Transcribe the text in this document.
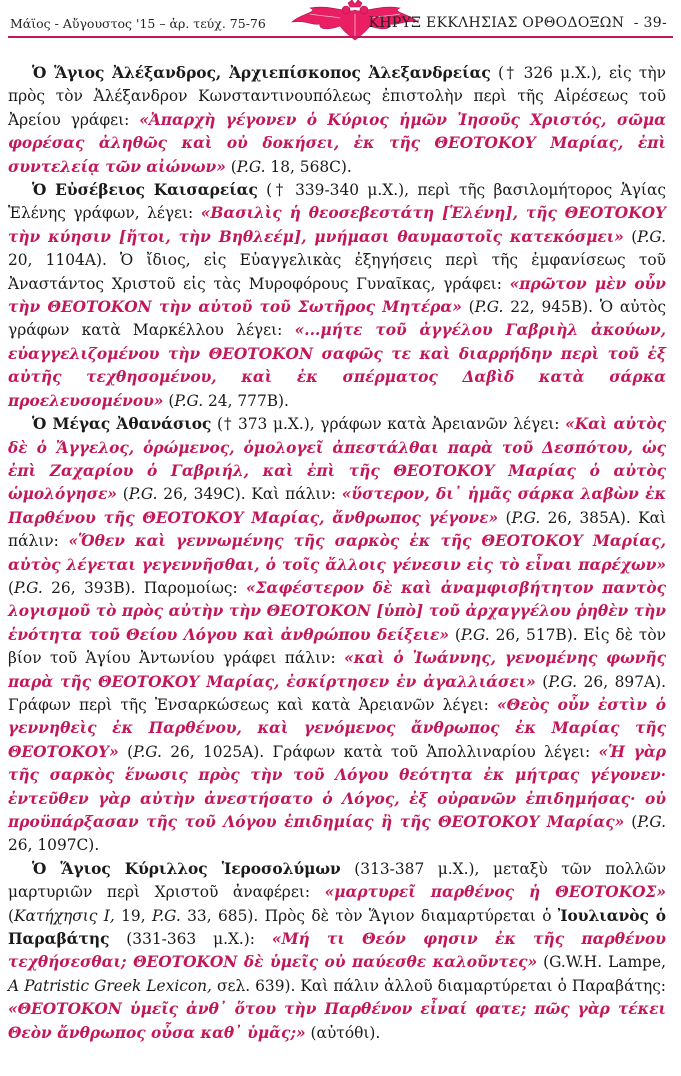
Μάϊος - Αὔγουστος '15 – ἀρ. τεύχ. 75-76	ΚΗΡΥΞ ΕΚΚΛΗΣΙΑΣ ΟΡΘΟΔΟΞΩΝ - 39-

Ὁ Ἅγιος Ἀλέξανδρος, Ἀρχιεπίσκοπος Ἀλεξανδρείας († 326 μ.Χ.), εἰς τὴν πρὸς τὸν Ἀλέξανδρον Κωνσταντινουπόλεως ἐπιστολὴν περὶ τῆς Αἱρέσεως τοῦ Ἀρείου γράφει: «Ἀπαρχὴ γέγονεν ὁ Κύριος ἡμῶν Ἰησοῦς Χριστός, σῶμα φορέσας ἀληθῶς καὶ οὐ δοκήσει, ἐκ τῆς ΘΕΟΤΟΚΟΥ Μαρίας, ἐπὶ συντελείᾳ τῶν αἰώνων» (P.G. 18, 568C).

Ὁ Εὐσέβειος Καισαρείας († 339-340 μ.Χ.), περὶ τῆς βασιλομήτορος Ἁγίας Ἑλένης γράφων, λέγει: «Βασιλὶς ἡ θεοσεβεστάτη [Ἑλένη], τῆς ΘΕΟΤΟΚΟΥ τὴν κύησιν [ἤτοι, τὴν Βηθλεέμ], μνήμασι θαυμαστοῖς κατεκόσμει» (P.G. 20, 1104A). Ὁ ἴδιος, εἰς Εὐαγγελικὰς ἐξηγήσεις περὶ τῆς ἐμφανίσεως τοῦ Ἀναστάντος Χριστοῦ εἰς τὰς Μυροφόρους Γυναῖκας, γράφει: «πρῶτον μὲν οὖν τὴν ΘΕΟΤΟΚΟΝ τὴν αὐτοῦ τοῦ Σωτῆρος Μητέρα» (P.G. 22, 945B). Ὁ αὐτὸς γράφων κατὰ Μαρκέλλου λέγει: «...μήτε τοῦ ἀγγέλου Γαβριὴλ ἀκούων, εὐαγγελιζομένου τὴν ΘΕΟΤΟΚΟΝ σαφῶς τε καὶ διαρρήδην περὶ τοῦ ἐξ αὐτῆς τεχθησομένου, καὶ ἐκ σπέρματος Δαβὶδ κατὰ σάρκα προελευσομένου» (P.G. 24, 777B).

Ὁ Μέγας Ἀθανάσιος († 373 μ.Χ.), γράφων κατὰ Ἀρειανῶν λέγει: «Καὶ αὐτὸς δὲ ὁ Ἄγγελος, ὁρώμενος, ὁμολογεῖ ἀπεστάλθαι παρὰ τοῦ Δεσπότου, ὡς ἐπὶ Ζαχαρίου ὁ Γαβριήλ, καὶ ἐπὶ τῆς ΘΕΟΤΟΚΟΥ Μαρίας ὁ αὐτὸς ὡμολόγησε» (P.G. 26, 349C). Καὶ πάλιν: «ὕστερον, δι᾽ ἡμᾶς σάρκα λαβὼν ἐκ Παρθένου τῆς ΘΕΟΤΟΚΟΥ Μαρίας, ἄνθρωπος γέγονε» (P.G. 26, 385A). Καὶ πάλιν: «Ὅθεν καὶ γεννωμένης τῆς σαρκὸς ἐκ τῆς ΘΕΟΤΟΚΟΥ Μαρίας, αὐτὸς λέγεται γεγεννῆσθαι, ὁ τοῖς ἄλλοις γένεσιν εἰς τὸ εἶναι παρέχων» (P.G. 26, 393B). Παρομοίως: «Σαφέστερον δὲ καὶ ἀναμφισβήτητον παντὸς λογισμοῦ τὸ πρὸς αὐτὴν τὴν ΘΕΟΤΟΚΟΝ [ὑπὸ] τοῦ ἀρχαγγέλου ῥηθὲν τὴν ἑνότητα τοῦ Θείου Λόγου καὶ ἀνθρώπου δείξειε» (P.G. 26, 517B). Εἰς δὲ τὸν βίον τοῦ Ἁγίου Ἀντωνίου γράφει πάλιν: «καὶ ὁ Ἰωάννης, γενομένης φωνῆς παρὰ τῆς ΘΕΟΤΟΚΟΥ Μαρίας, ἐσκίρτησεν ἐν ἀγαλλιάσει» (P.G. 26, 897A). Γράφων περὶ τῆς Ἐνσαρκώσεως καὶ κατὰ Ἀρειανῶν λέγει: «Θεὸς οὖν ἐστὶν ὁ γεννηθεὶς ἐκ Παρθένου, καὶ γενόμενος ἄνθρωπος ἐκ Μαρίας τῆς ΘΕΟΤΟΚΟΥ» (P.G. 26, 1025A). Γράφων κατὰ τοῦ Ἀπολλιναρίου λέγει: «Ἡ γὰρ τῆς σαρκὸς ἕνωσις πρὸς τὴν τοῦ Λόγου θεότητα ἐκ μήτρας γέγονεν· ἐντεῦθεν γὰρ αὐτὴν ἀνεστήσατο ὁ Λόγος, ἐξ οὐρανῶν ἐπιδημήσας· οὐ προϋπάρξασαν τῆς τοῦ Λόγου ἐπιδημίας ἢ τῆς ΘΕΟΤΟΚΟΥ Μαρίας» (P.G. 26, 1097C).

Ὁ Ἅγιος Κύριλλος Ἱεροσολύμων (313-387 μ.Χ.), μεταξὺ τῶν πολλῶν μαρτυριῶν περὶ Χριστοῦ ἀναφέρει: «μαρτυρεῖ παρθένος ἡ ΘΕΟΤΟΚΟΣ» (Κατήχησις Ι, 19, P.G. 33, 685). Πρὸς δὲ τὸν Ἅγιον διαμαρτύρεται ὁ Ἰουλιανὸς ὁ Παραβάτης (331-363 μ.Χ.): «Μή τι Θεόν φησιν ἐκ τῆς παρθένου τεχθήσεσθαι; ΘΕΟΤΟΚΟΝ δὲ ὑμεῖς οὐ παύεσθε καλοῦντες» (G.W.H. Lampe, A Patristic Greek Lexicon, σελ. 639). Καὶ πάλιν ἀλλοῦ διαμαρτύρεται ὁ Παραβάτης: «ΘΕΟΤΟΚΟΝ ὑμεῖς ἀνθ᾽ ὅτου τὴν Παρθένον εἶναί φατε; πῶς γὰρ τέκει Θεὸν ἄνθρωπος οὖσα καθ᾽ ὑμᾶς;» (αὐτόθι).
